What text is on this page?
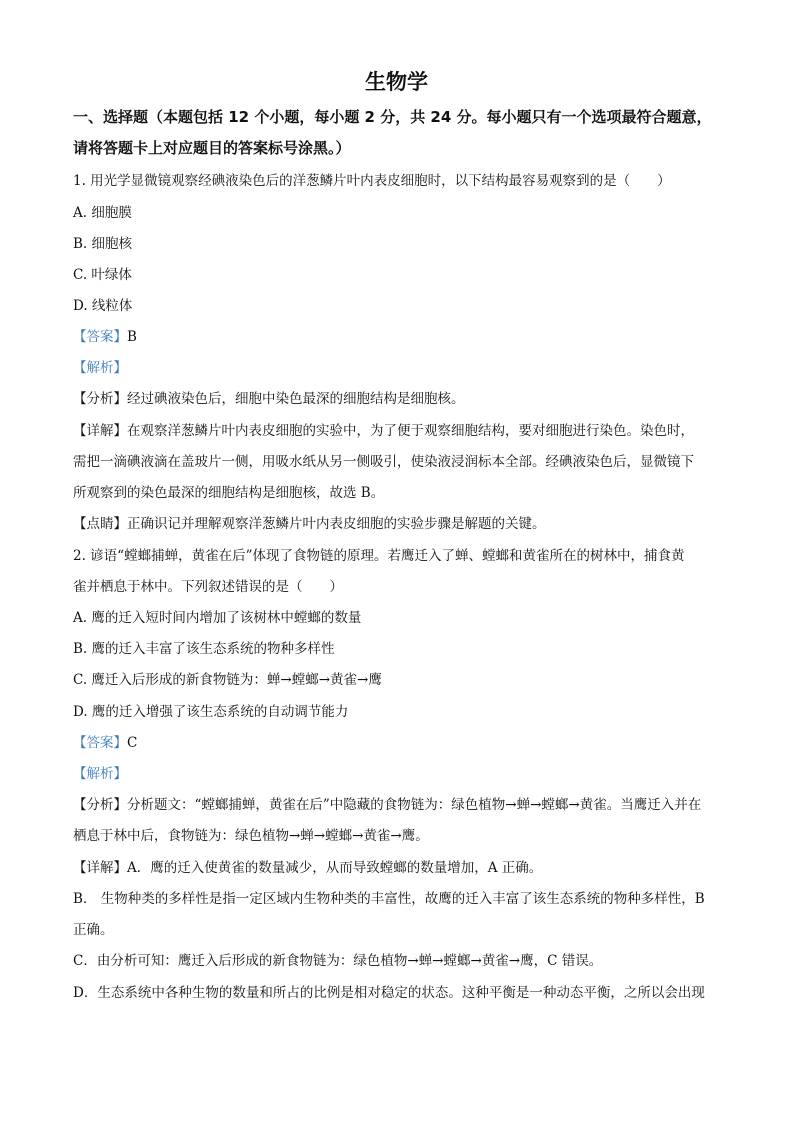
生物学
一、选择题（本题包括 12 个小题，每小题 2 分，共 24 分。每小题只有一个选项最符合题意，
请将答题卡上对应题目的答案标号涂黑。）
1. 用光学显微镜观察经碘液染色后的洋葱鳞片叶内表皮细胞时，以下结构最容易观察到的是（　　）
A. 细胞膜
B. 细胞核
C. 叶绿体
D. 线粒体
【答案】B
【解析】
【分析】经过碘液染色后，细胞中染色最深的细胞结构是细胞核。
【详解】在观察洋葱鳞片叶内表皮细胞的实验中，为了便于观察细胞结构，要对细胞进行染色。染色时，
需把一滴碘液滴在盖玻片一侧，用吸水纸从另一侧吸引，使染液浸润标本全部。经碘液染色后，显微镜下
所观察到的染色最深的细胞结构是细胞核，故选 B。
【点睛】正确识记并理解观察洋葱鳞片叶内表皮细胞的实验步骤是解题的关键。
2. 谚语“螳螂捕蝉，黄雀在后”体现了食物链的原理。若鹰迁入了蝉、螳螂和黄雀所在的树林中，捕食黄
雀并栖息于林中。下列叙述错误的是（　　）
A. 鹰的迁入短时间内增加了该树林中螳螂的数量
B. 鹰的迁入丰富了该生态系统的物种多样性
C. 鹰迁入后形成的新食物链为：蝉→螳螂→黄雀→鹰
D. 鹰的迁入增强了该生态系统的自动调节能力
【答案】C
【解析】
【分析】分析题文：“螳螂捕蝉，黄雀在后”中隐藏的食物链为：绿色植物→蝉→螳螂→黄雀。当鹰迁入并在
栖息于林中后，食物链为：绿色植物→蝉→螳螂→黄雀→鹰。
【详解】A．鹰的迁入使黄雀的数量减少，从而导致螳螂的数量增加，A 正确。
B． 生物种类的多样性是指一定区域内生物种类的丰富性，故鹰的迁入丰富了该生态系统的物种多样性，B
正确。
C．由分析可知：鹰迁入后形成的新食物链为：绿色植物→蝉→螳螂→黄雀→鹰，C 错误。
D．生态系统中各种生物的数量和所占的比例是相对稳定的状态。这种平衡是一种动态平衡，之所以会出现
